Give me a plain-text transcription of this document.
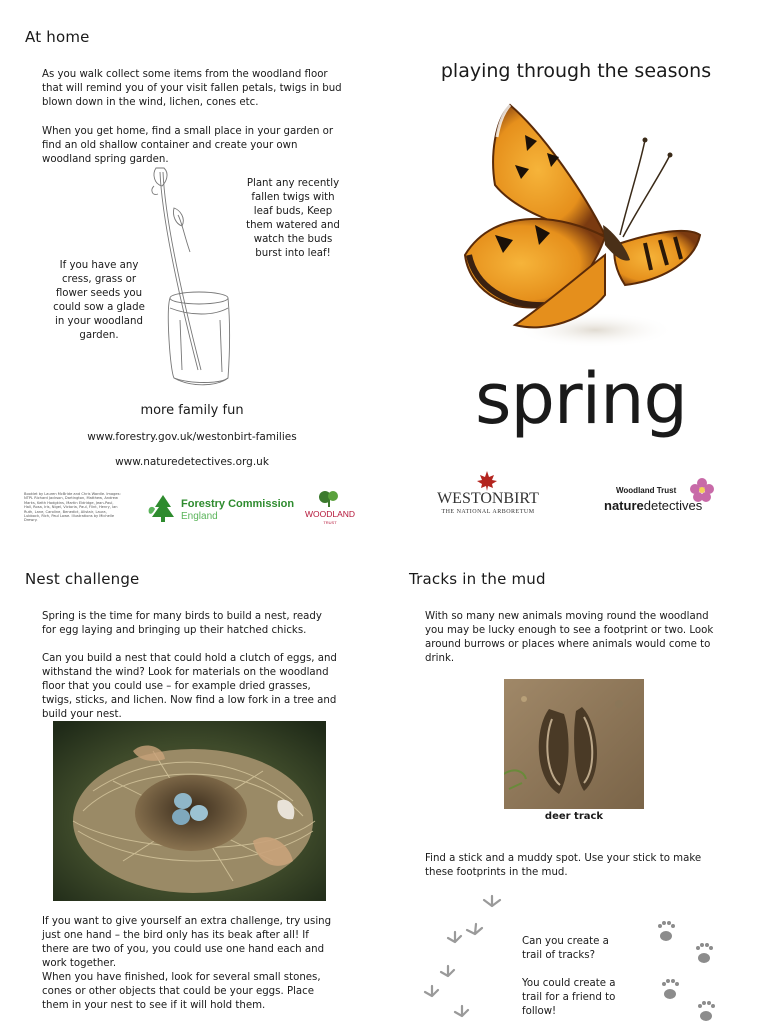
At home
As you walk collect some items from the woodland floor that will remind you of your visit fallen petals, twigs in bud blown down in the wind, lichen, cones etc.
When you get home, find a small place in your garden or find an old shallow container and create your own woodland spring garden.
Plant any recently fallen twigs with leaf buds, Keep them watered and watch the buds burst into leaf!
If you have any cress, grass or flower seeds you could sow a glade in your woodland garden.
more family fun
www.forestry.gov.uk/westonbirt-families
www.naturedetectives.org.uk
Booklet by Lauren McBride and Chris Wardle. Images: NTPL Richard Jackson, Dartington, Matthew, Andrew Marks, Keith Hodgkins, Martin Eldridge, Jean-Paul, Hall, Rosa, Iris, Nigel, Victoria, Paul, Flint, Henry, Ian Ruth, Lane, Caroline, Benedict, Alistair, Laura, Lubbock, Rich, Paul Lowe. Illustrations by Michelle Drewry.
Forestry Commission
England	WOODLAND
TRUST
playing through the seasons
spring
WESTONBIRT
THE NATIONAL ARBORETUM
Woodland Trust
naturedetectives
Nest challenge
Spring is the time for many birds to build a nest, ready for egg laying and bringing up their hatched chicks.
Can you build a nest that could hold a clutch of eggs, and withstand the wind? Look for materials on the woodland floor that you could use – for example dried grasses, twigs, sticks, and lichen. Now find a low fork in a tree and build your nest.
If you want to give yourself an extra challenge, try using just one hand – the bird only has its beak after all! If there are two of you, you could use one hand each and work together.
When you have finished, look for several small stones, cones or other objects that could be your eggs. Place them in your nest to see if it will hold them.
Tracks in the mud
With so many new animals moving round the woodland you may be lucky enough to see a footprint or two. Look around burrows or places where animals would come to drink.
deer track
Find a stick and a muddy spot. Use your stick to make these footprints in the mud.
Can you create a trail of tracks?
You could create a trail for a friend to follow!
